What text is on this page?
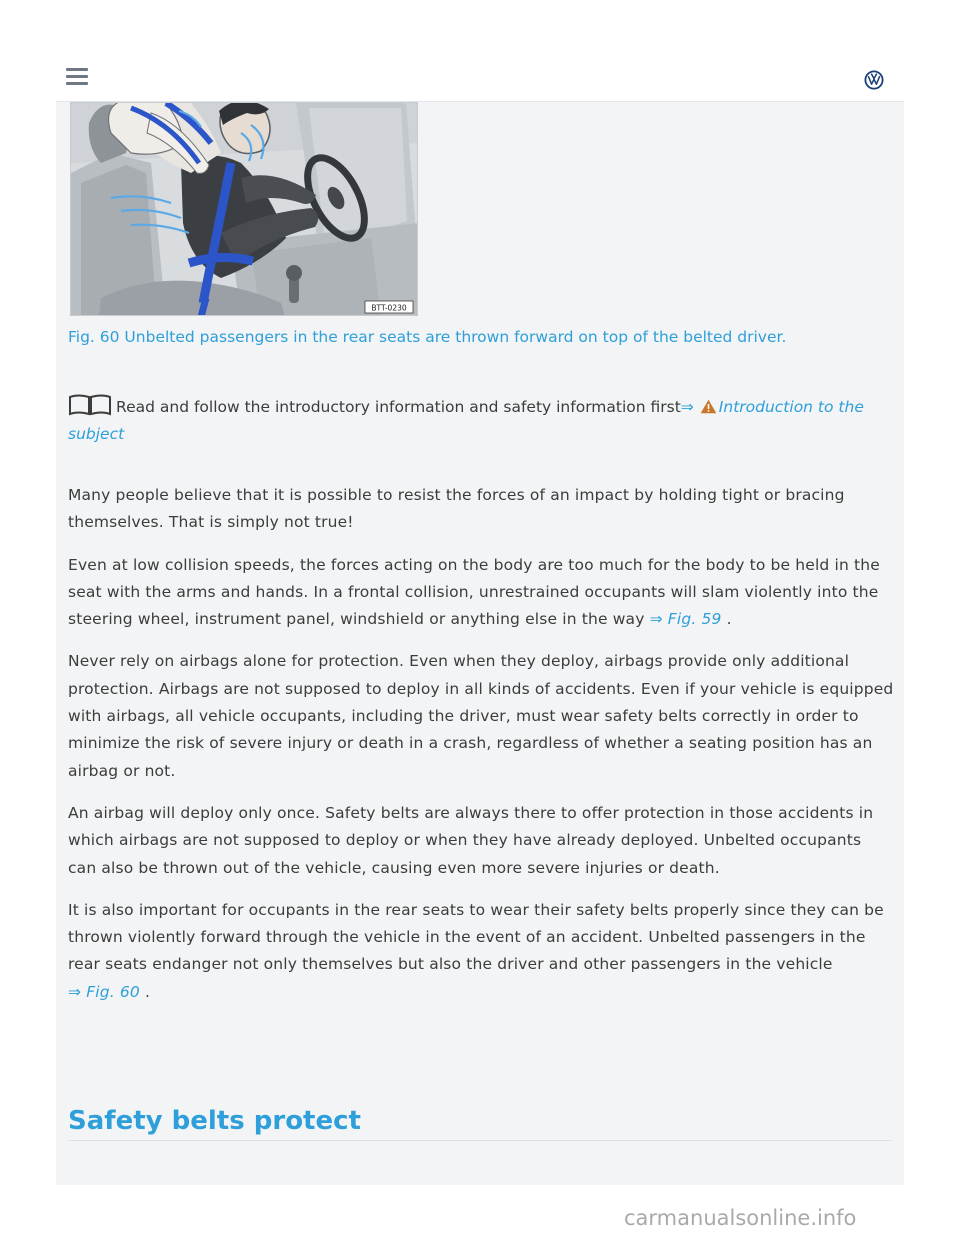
BTT-0230
Fig. 60 Unbelted passengers in the rear seats are thrown forward on top of the belted driver.
Read and follow the introductory information and safety information first⇒ Introduction to the subject

Many people believe that it is possible to resist the forces of an impact by holding tight or bracing themselves. That is simply not true!

Even at low collision speeds, the forces acting on the body are too much for the body to be held in the seat with the arms and hands. In a frontal collision, unrestrained occupants will slam violently into the steering wheel, instrument panel, windshield or anything else in the way ⇒ Fig. 59 .

Never rely on airbags alone for protection. Even when they deploy, airbags provide only additional protection. Airbags are not supposed to deploy in all kinds of accidents. Even if your vehicle is equipped with airbags, all vehicle occupants, including the driver, must wear safety belts correctly in order to minimize the risk of severe injury or death in a crash, regardless of whether a seating position has an airbag or not.

An airbag will deploy only once. Safety belts are always there to offer protection in those accidents in which airbags are not supposed to deploy or when they have already deployed. Unbelted occupants can also be thrown out of the vehicle, causing even more severe injuries or death.

It is also important for occupants in the rear seats to wear their safety belts properly since they can be thrown violently forward through the vehicle in the event of an accident. Unbelted passengers in the rear seats endanger not only themselves but also the driver and other passengers in the vehicle
⇒ Fig. 60 .

Safety belts protect
carmanualsonline.info
